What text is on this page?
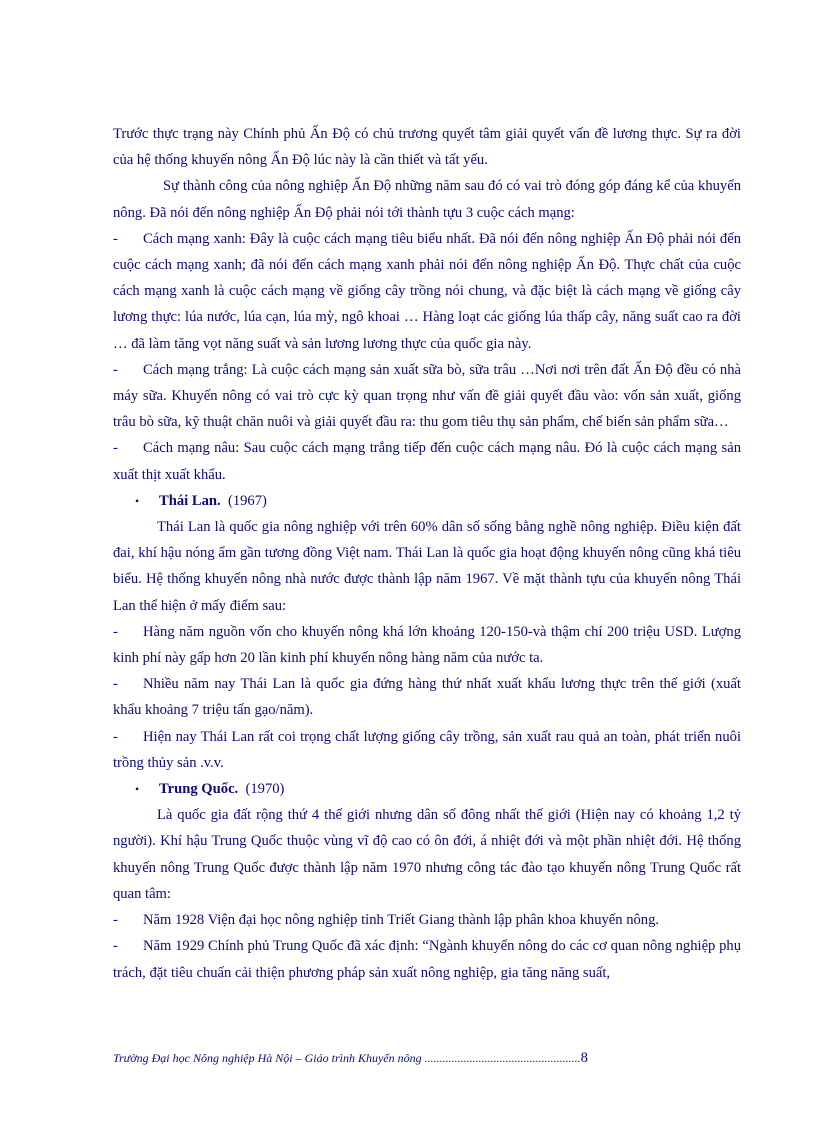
Trước thực trạng này Chính phủ Ấn Độ có chủ trương quyết tâm giải quyết vấn đề lương thực. Sự ra đời của hệ thống khuyến nông Ấn Độ lúc này là cần thiết và tất yếu.

Sự thành công của nông nghiệp Ấn Độ những năm sau đó có vai trò đóng góp đáng kể của khuyến nông. Đã nói đến nông nghiệp Ấn Độ phải nói tới thành tựu 3 cuộc cách mạng:

- Cách mạng xanh: Đây là cuộc cách mạng tiêu biểu nhất. Đã nói đến nông nghiệp Ấn Độ phải nói đến cuộc cách mạng xanh; đã nói đến cách mạng xanh phải nói đến nông nghiệp Ấn Độ. Thực chất của cuộc cách mạng xanh là cuộc cách mạng về giống cây trồng nói chung, và đặc biệt là cách mạng về giống cây lương thực: lúa nước, lúa cạn, lúa mỳ, ngô khoai … Hàng loạt các giống lúa thấp cây, năng suất cao ra đời … đã làm tăng vọt năng suất và sản lương lương thực của quốc gia này.

- Cách mạng trắng: Là cuộc cách mạng sản xuất sữa bò, sữa trâu …Nơi nơi trên đất Ấn Độ đều có nhà máy sữa. Khuyến nông có vai trò cực kỳ quan trọng như vấn đề giải quyết đầu vào: vốn sản xuất, giống trâu bò sữa, kỹ thuật chăn nuôi và giải quyết đầu ra: thu gom tiêu thụ sản phẩm, chế biến sản phẩm sữa…

- Cách mạng nâu: Sau cuộc cách mạng trắng tiếp đến cuộc cách mạng nâu. Đó là cuộc cách mạng sản xuất thịt xuất khẩu.

• Thái Lan. (1967)

Thái Lan là quốc gia nông nghiệp với trên 60% dân số sống bằng nghề nông nghiệp. Điều kiện đất đai, khí hậu nóng ẩm gần tương đồng Việt nam. Thái Lan là quốc gia hoạt động khuyến nông cũng khá tiêu biểu. Hệ thống khuyến nông nhà nước được thành lập năm 1967. Về mặt thành tựu của khuyến nông Thái Lan thể hiện ở mấy điểm sau:

- Hàng năm nguồn vốn cho khuyến nông khá lớn khoảng 120-150-và thậm chí 200 triệu USD. Lượng kinh phí này gấp hơn 20 lần kinh phí khuyến nông hàng năm của nước ta.

- Nhiều năm nay Thái Lan là quốc gia đứng hàng thứ nhất xuất khẩu lương thực trên thế giới (xuất khẩu khoảng 7 triệu tấn gạo/năm).

- Hiện nay Thái Lan rất coi trọng chất lượng giống cây trồng, sản xuất rau quả an toàn, phát triển nuôi trồng thủy sản .v.v.

• Trung Quốc. (1970)

Là quốc gia đất rộng thứ 4 thế giới nhưng dân số đông nhất thế giới (Hiện nay có khoảng 1,2 tỷ người). Khí hậu Trung Quốc thuộc vùng vĩ độ cao có ôn đới, á nhiệt đới và một phần nhiệt đới. Hệ thống khuyến nông Trung Quốc được thành lập năm 1970 nhưng công tác đào tạo khuyến nông Trung Quốc rất quan tâm:

- Năm 1928 Viện đại học nông nghiệp tỉnh Triết Giang thành lập phân khoa khuyến nông.

- Năm 1929 Chính phủ Trung Quốc đã xác định: “Ngành khuyến nông do các cơ quan nông nghiệp phụ trách, đặt tiêu chuẩn cải thiện phương pháp sản xuất nông nghiệp, gia tăng năng suất,

Trường Đại học Nông nghiệp Hà Nội – Giáo trình Khuyến nông ....................................................8
